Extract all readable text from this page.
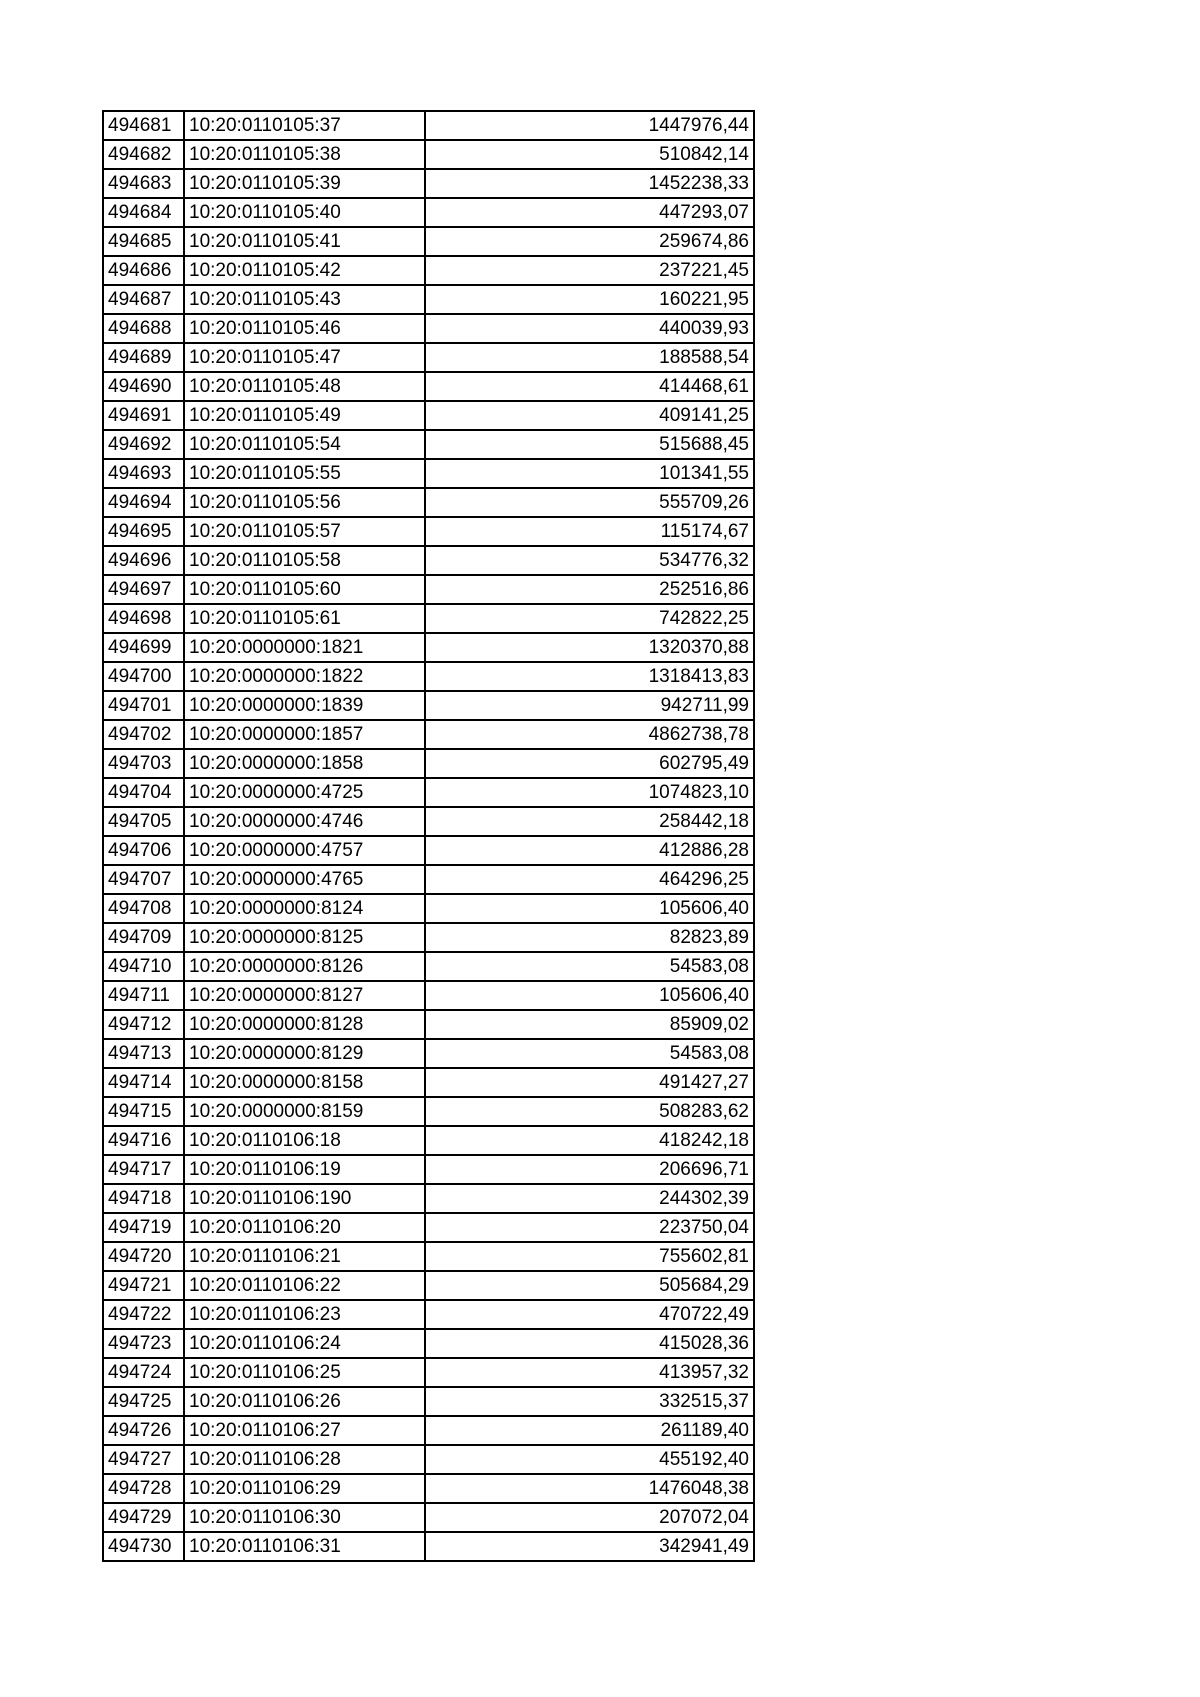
494681	10:20:0110105:37	1447976,44
494682	10:20:0110105:38	510842,14
494683	10:20:0110105:39	1452238,33
494684	10:20:0110105:40	447293,07
494685	10:20:0110105:41	259674,86
494686	10:20:0110105:42	237221,45
494687	10:20:0110105:43	160221,95
494688	10:20:0110105:46	440039,93
494689	10:20:0110105:47	188588,54
494690	10:20:0110105:48	414468,61
494691	10:20:0110105:49	409141,25
494692	10:20:0110105:54	515688,45
494693	10:20:0110105:55	101341,55
494694	10:20:0110105:56	555709,26
494695	10:20:0110105:57	115174,67
494696	10:20:0110105:58	534776,32
494697	10:20:0110105:60	252516,86
494698	10:20:0110105:61	742822,25
494699	10:20:0000000:1821	1320370,88
494700	10:20:0000000:1822	1318413,83
494701	10:20:0000000:1839	942711,99
494702	10:20:0000000:1857	4862738,78
494703	10:20:0000000:1858	602795,49
494704	10:20:0000000:4725	1074823,10
494705	10:20:0000000:4746	258442,18
494706	10:20:0000000:4757	412886,28
494707	10:20:0000000:4765	464296,25
494708	10:20:0000000:8124	105606,40
494709	10:20:0000000:8125	82823,89
494710	10:20:0000000:8126	54583,08
494711	10:20:0000000:8127	105606,40
494712	10:20:0000000:8128	85909,02
494713	10:20:0000000:8129	54583,08
494714	10:20:0000000:8158	491427,27
494715	10:20:0000000:8159	508283,62
494716	10:20:0110106:18	418242,18
494717	10:20:0110106:19	206696,71
494718	10:20:0110106:190	244302,39
494719	10:20:0110106:20	223750,04
494720	10:20:0110106:21	755602,81
494721	10:20:0110106:22	505684,29
494722	10:20:0110106:23	470722,49
494723	10:20:0110106:24	415028,36
494724	10:20:0110106:25	413957,32
494725	10:20:0110106:26	332515,37
494726	10:20:0110106:27	261189,40
494727	10:20:0110106:28	455192,40
494728	10:20:0110106:29	1476048,38
494729	10:20:0110106:30	207072,04
494730	10:20:0110106:31	342941,49
